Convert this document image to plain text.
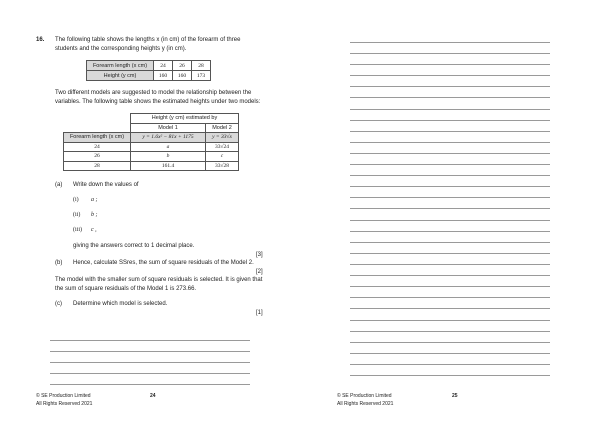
16. The following table shows the lengths x (in cm) of the forearm of three
students and the corresponding heights y (in cm).
Forearm length (x cm)	24	26	28
Height (y cm)	160	160	173
Two different models are suggested to model the relationship between the
variables. The following table shows the estimated heights under two models:
	Height (y cm) estimated by	
	Model 1	Model 2
Forearm length (x cm)	y = 1.6x² − 81x + 1175	y = 33√x
24	a	33√24
26	b	c
28	161.4	33√28
(a) Write down the values of
(i) a ;
(ii) b ;
(iii) c ,
giving the answers correct to 1 decimal place.
[3]
(b) Hence, calculate SSres, the sum of square residuals of the Model 2.
[2]
The model with the smaller sum of square residuals is selected. It is given that
the sum of square residuals of the Model 1 is 273.66.
(c) Determine which model is selected.
[1]
© SE Production Limited
All Rights Reserved 2021
24	© SE Production Limited
All Rights Reserved 2021
25
